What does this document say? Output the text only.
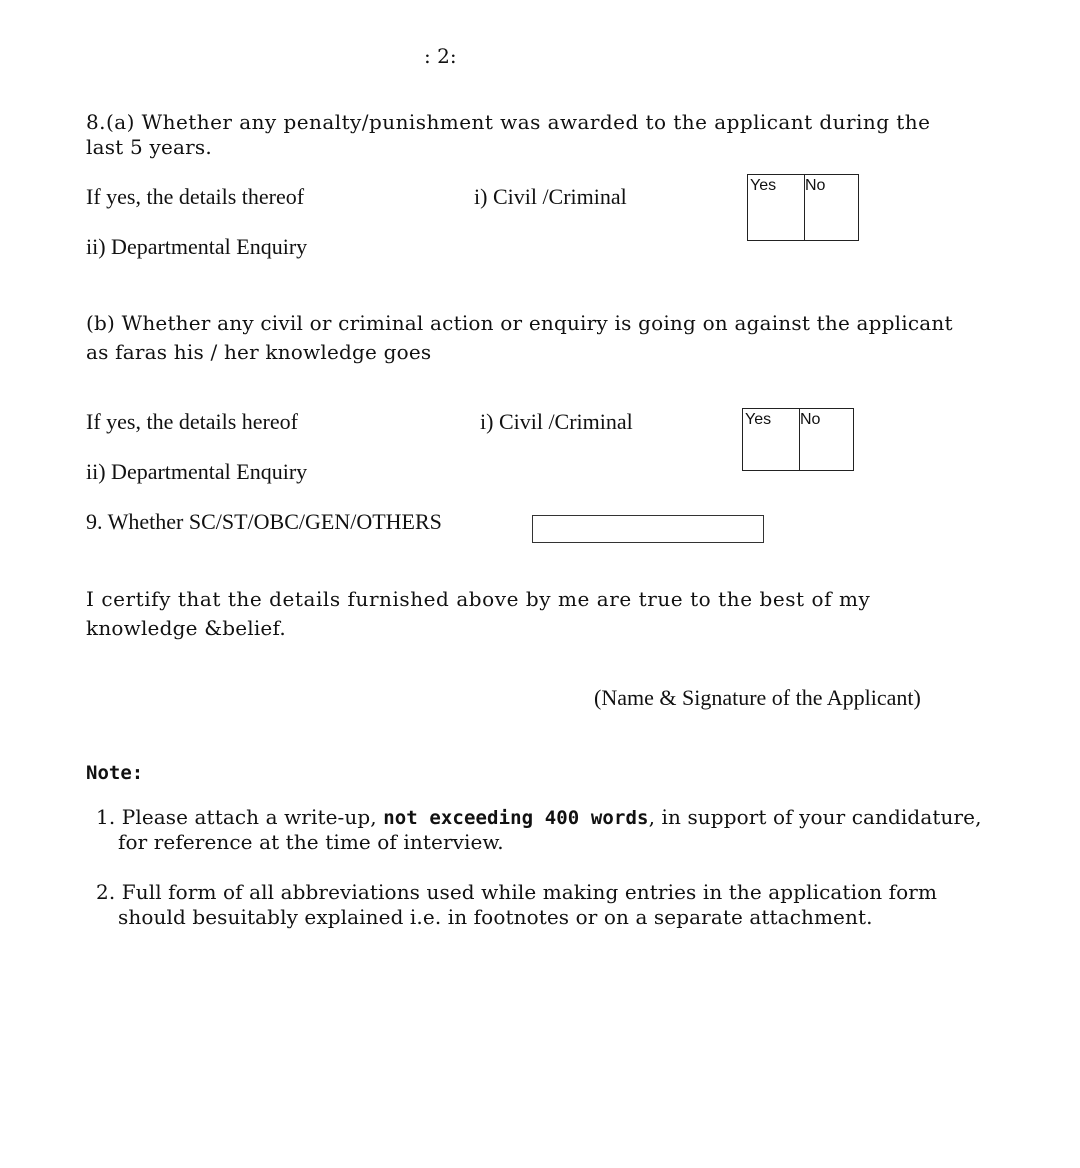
: 2:
8.(a) Whether any penalty/punishment was awarded to the applicant during the
last 5 years.
If yes, the details thereof	i) Civil /Criminal
ii) Departmental Enquiry
Yes No
(b) Whether any civil or criminal action or enquiry is going on against the applicant
as faras his / her knowledge goes
If yes, the details hereof	i) Civil /Criminal
ii) Departmental Enquiry
Yes No
9. Whether SC/ST/OBC/GEN/OTHERS
I certify that the details furnished above by me are true to the best of my
knowledge &belief.
(Name & Signature of the Applicant)
Note:
1. Please attach a write-up, not exceeding 400 words, in support of your candidature,
for reference at the time of interview.
2. Full form of all abbreviations used while making entries in the application form
should besuitably explained i.e. in footnotes or on a separate attachment.
